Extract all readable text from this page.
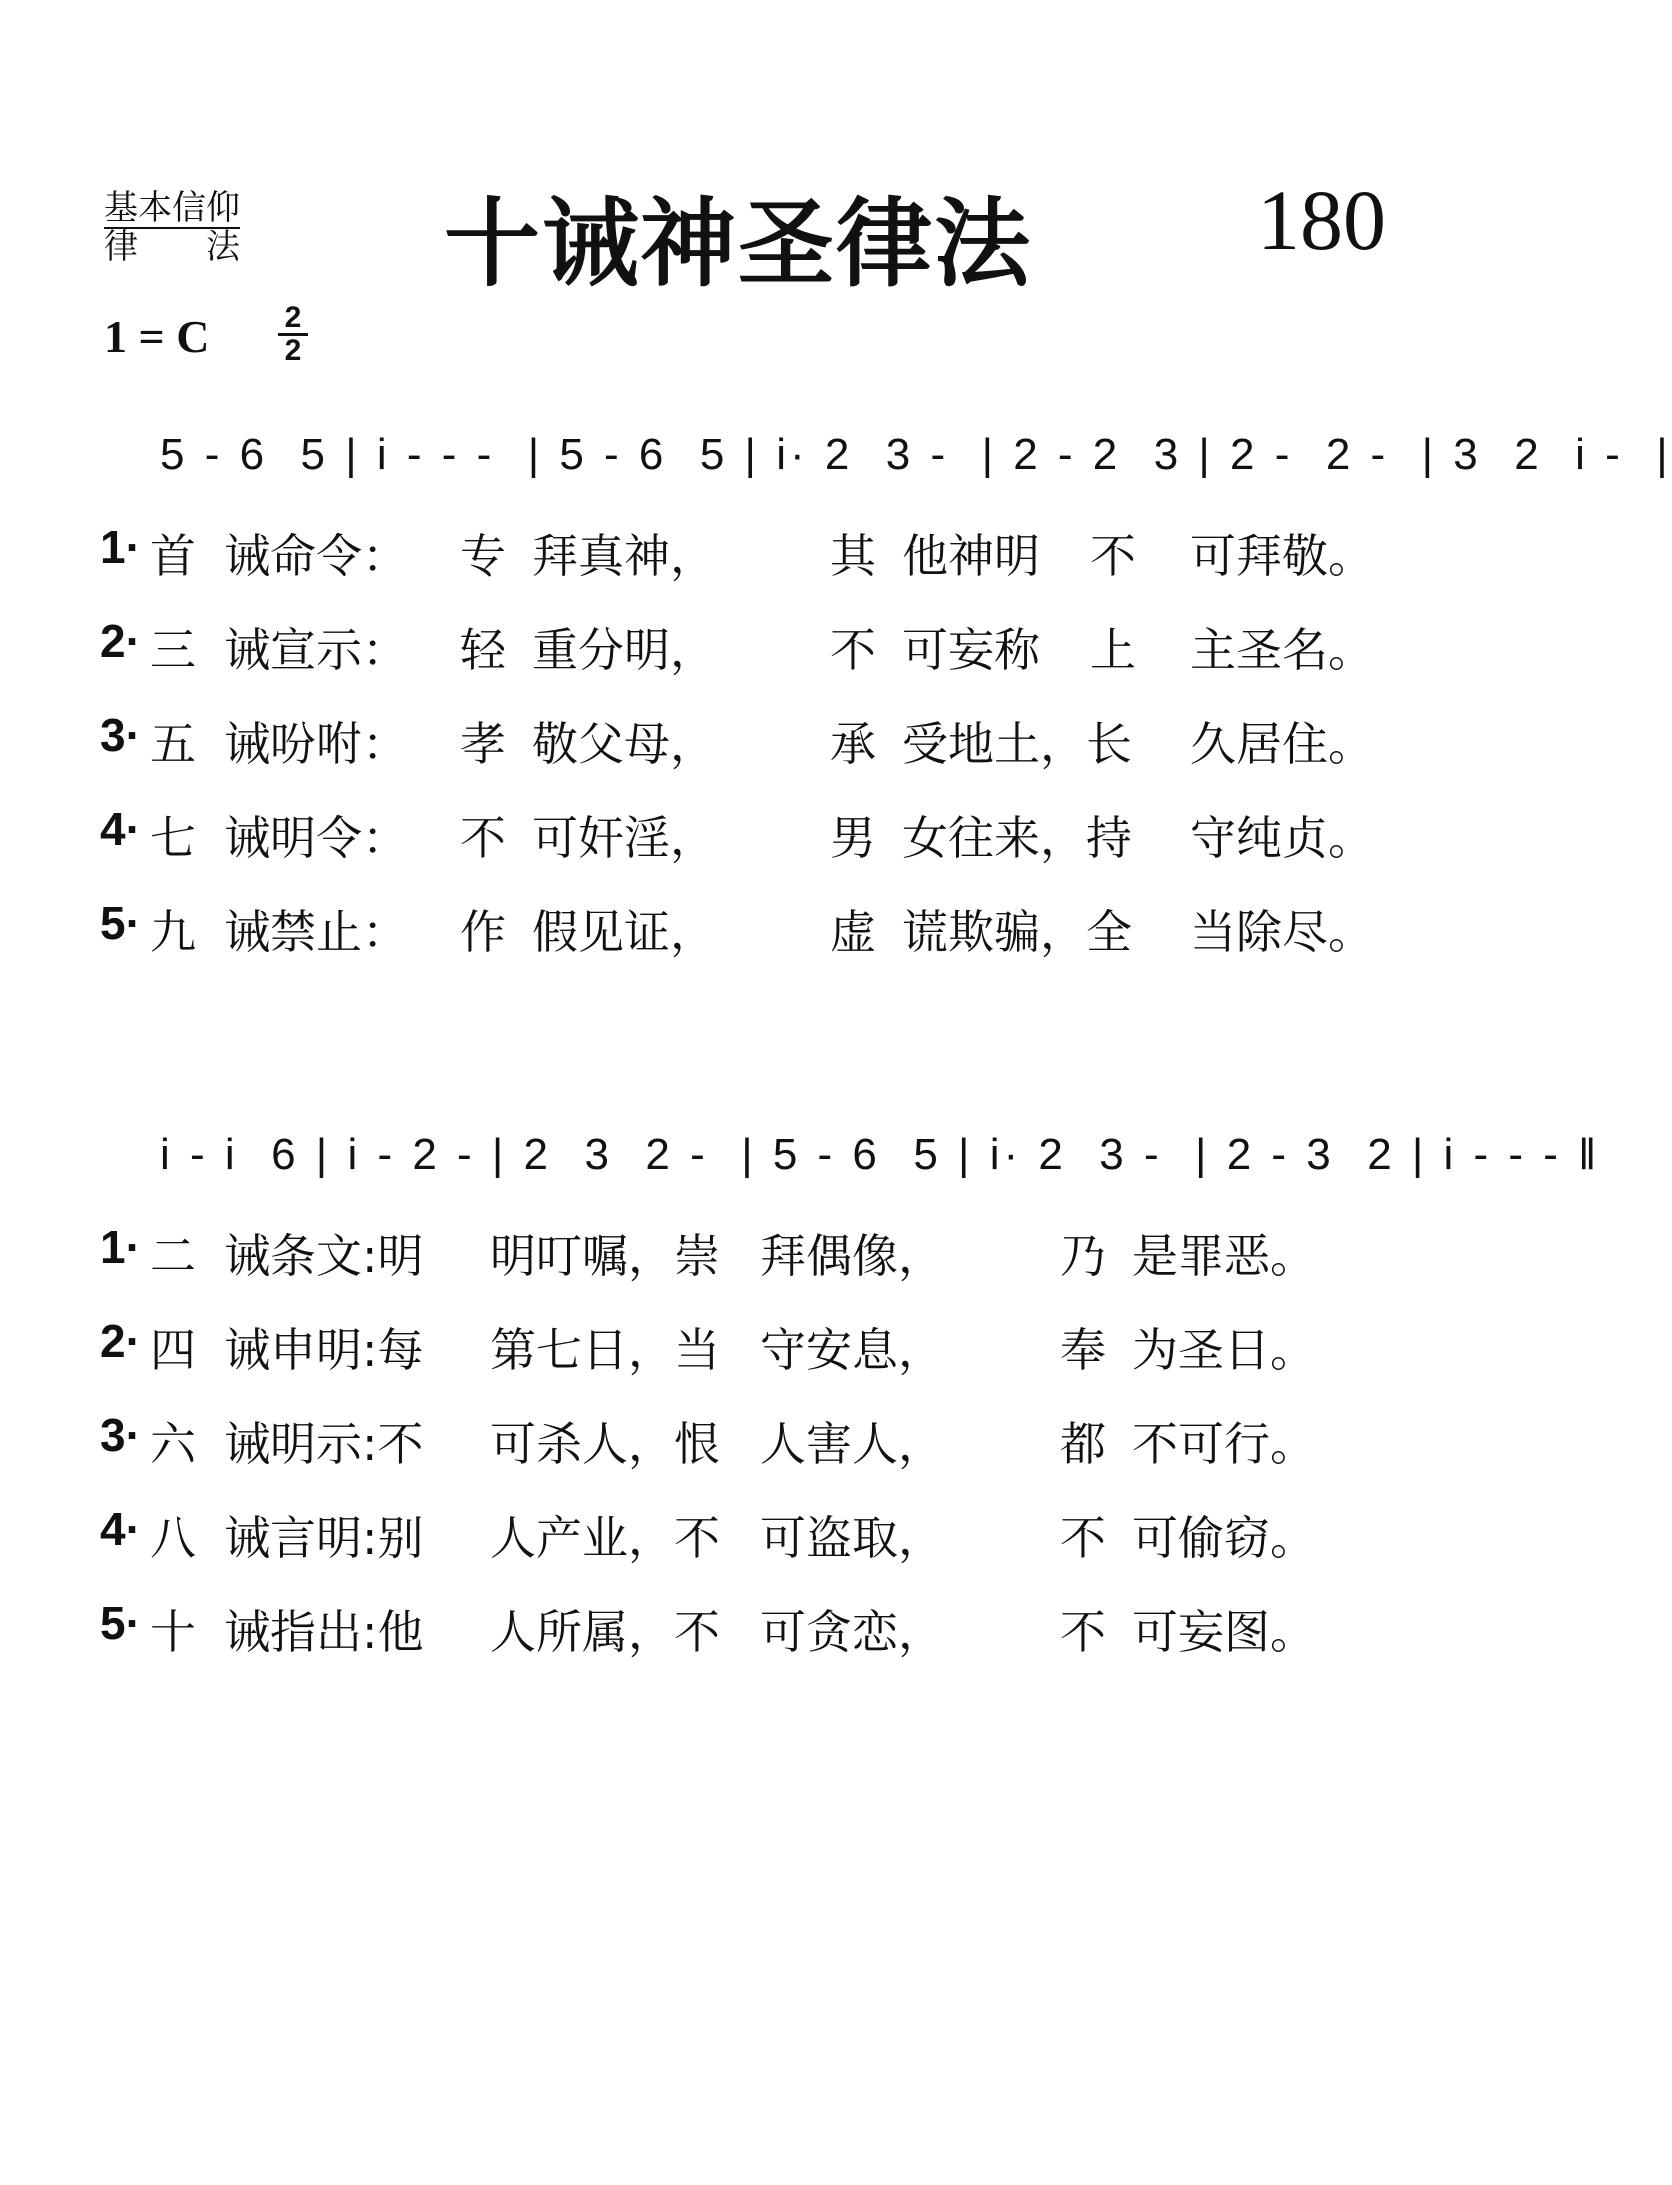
基本信仰
律 法	十诫神圣律法	180
1 = C	2
2
5 - 6  5 | i - - -  | 5 - 6  5 | i· 2  3 -  | 2 - 2  3 | 2 -  2 -  | 3  2  i -  |
1· 首 诫命令： 专 拜真神， 其 他神明 不 可拜敬。
2· 三 诫宣示： 轻 重分明， 不 可妄称 上 主圣名。
3· 五 诫吩咐： 孝 敬父母， 承 受地土，长 久居住。
4· 七 诫明令： 不 可奸淫， 男 女往来，持 守纯贞。
5· 九 诫禁止： 作 假见证， 虚 谎欺骗，全 当除尽。
i - i  6 | i - 2 - | 2  3  2 -  | 5 - 6  5 | i· 2  3 -  | 2 - 3  2 | i - - - ‖
1· 二 诫条文:明 明叮嘱，崇 拜偶像，	乃 是罪恶。
2· 四 诫申明:每 第七日，当 守安息，	奉 为圣日。
3· 六 诫明示:不 可杀人，恨 人害人，	都 不可行。
4· 八 诫言明:别 人产业，不 可盗取，	不 可偷窃。
5· 十 诫指出:他 人所属，不 可贪恋，	不 可妄图。
